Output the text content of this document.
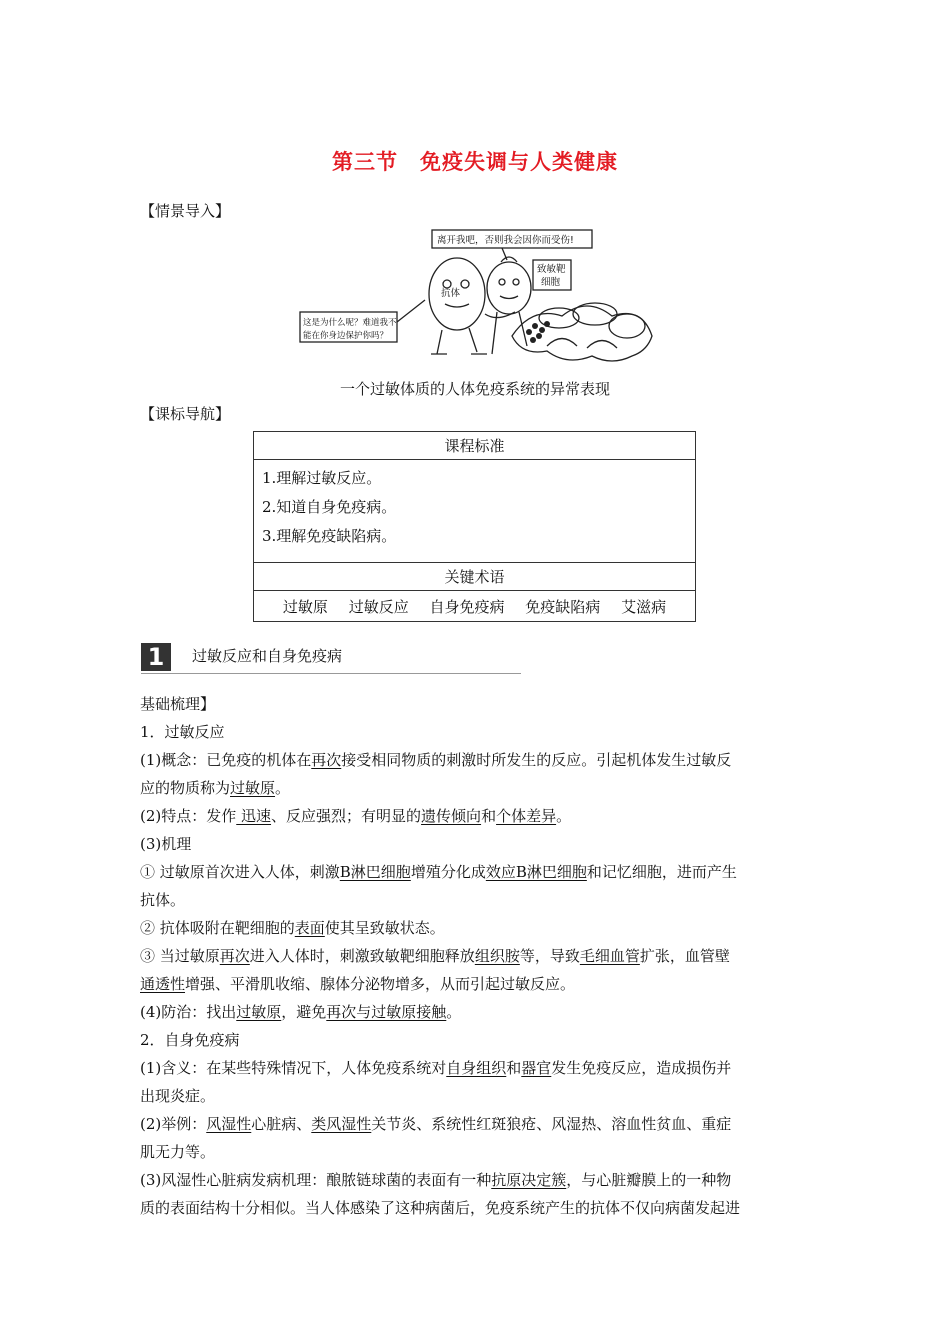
第三节 免疫失调与人类健康
【情景导入】
离开我吧，否则我会因你而受伤!
致敏靶
细胞
抗体
这是为什么呢？难道我不
能在你身边保护你吗？
一个过敏体质的人体免疫系统的异常表现
【课标导航】
课程标准

1.理解过敏反应。
2.知道自身免疫病。
3.理解免疫缺陷病。

关键术语
过敏原 过敏反应 自身免疫病 免疫缺陷病 艾滋病
1	过敏反应和自身免疫病

基础梳理】

1．过敏反应

(1)概念：已免疫的机体在再次接受相同物质的刺激时所发生的反应。引起机体发生过敏反

应的物质称为过敏原。

(2)特点：发作 迅速、反应强烈；有明显的遗传倾向和个体差异。

(3)机理

① 过敏原首次进入人体，刺激B淋巴细胞增殖分化成效应B淋巴细胞和记忆细胞，进而产生

抗体。

② 抗体吸附在靶细胞的表面使其呈致敏状态。

③ 当过敏原再次进入人体时，刺激致敏靶细胞释放组织胺等，导致毛细血管扩张，血管壁

通透性增强、平滑肌收缩、腺体分泌物增多，从而引起过敏反应。

(4)防治：找出过敏原，避免再次与过敏原接触。

2．自身免疫病

(1)含义：在某些特殊情况下，人体免疫系统对自身组织和器官发生免疫反应，造成损伤并

出现炎症。

(2)举例：风湿性心脏病、类风湿性关节炎、系统性红斑狼疮、风湿热、溶血性贫血、重症

肌无力等。

(3)风湿性心脏病发病机理：酿脓链球菌的表面有一种抗原决定簇，与心脏瓣膜上的一种物

质的表面结构十分相似。当人体感染了这种病菌后，免疫系统产生的抗体不仅向病菌发起进
